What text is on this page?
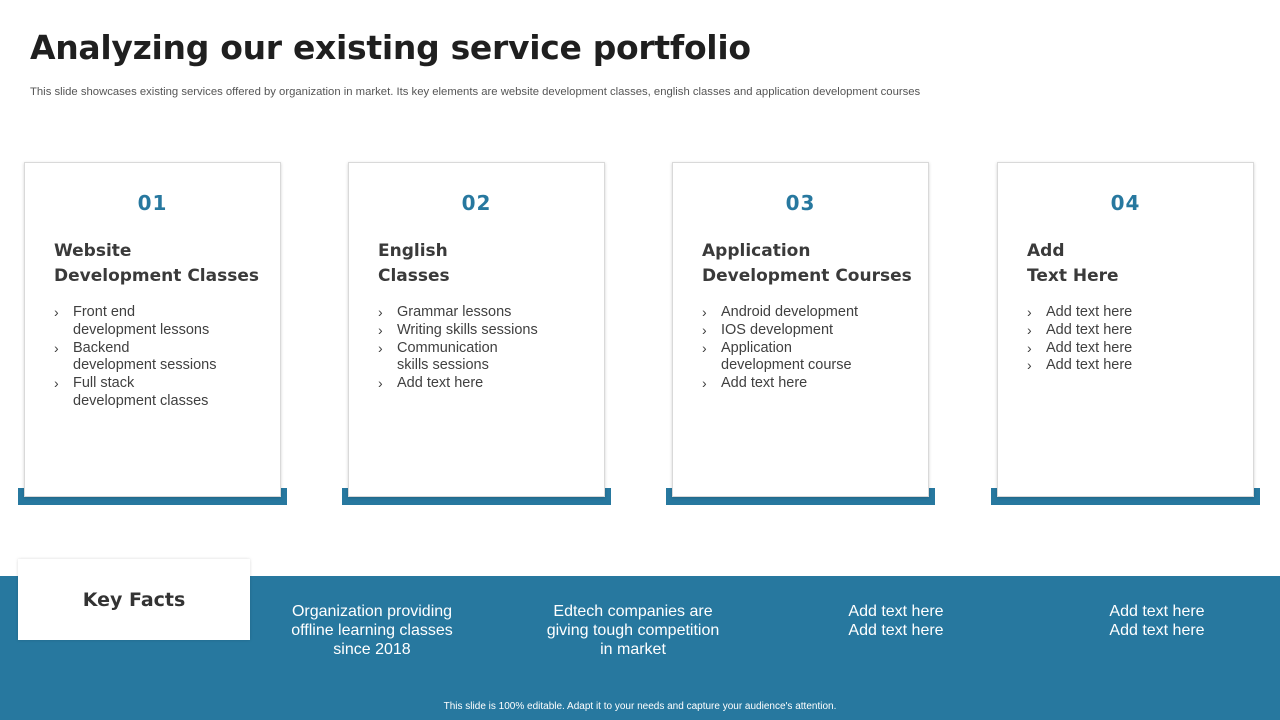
Analyzing our existing service portfolio
This slide showcases existing services offered by organization in market. Its key elements are website development classes, english classes and application development courses
01
Website
Development Classes
› Front end
development lessons
› Backend
development sessions
› Full stack
development classes
02
English
Classes
› Grammar lessons
› Writing skills sessions
› Communication
skills sessions
› Add text here
03
Application
Development Courses
› Android development
› IOS development
› Application
development course
› Add text here
04
Add
Text Here
› Add text here
› Add text here
› Add text here
› Add text here
Key Facts
Organization providing
offline learning classes
since 2018
Edtech companies are
giving tough competition
in market
Add text here
Add text here
Add text here
Add text here
This slide is 100% editable. Adapt it to your needs and capture your audience's attention.
